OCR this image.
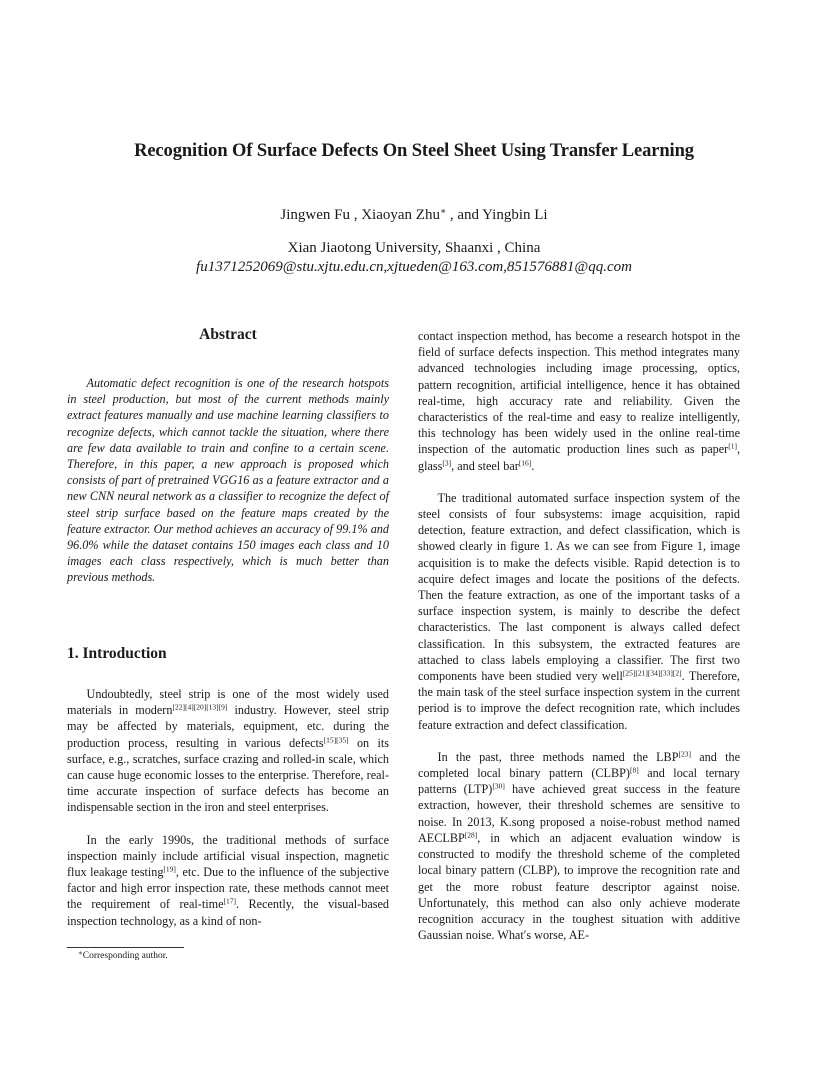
Recognition Of Surface Defects On Steel Sheet Using Transfer Learning
Jingwen Fu , Xiaoyan Zhu∗ , and Yingbin Li
Xian Jiaotong University, Shaanxi , China
fu1371252069@stu.xjtu.edu.cn,xjtueden@163.com,851576881@qq.com
Abstract

Automatic defect recognition is one of the research hotspots in steel production, but most of the current methods mainly extract features manually and use machine learning classifiers to recognize defects, which cannot tackle the situation, where there are few data available to train and confine to a certain scene. Therefore, in this paper, a new approach is proposed which consists of part of pretrained VGG16 as a feature extractor and a new CNN neural network as a classifier to recognize the defect of steel strip surface based on the feature maps created by the feature extractor. Our method achieves an accuracy of 99.1% and 96.0% while the dataset contains 150 images each class and 10 images each class respectively, which is much better than previous methods.

1. Introduction

Undoubtedly, steel strip is one of the most widely used materials in modern[22][4][20][13][9] industry. However, steel strip may be affected by materials, equipment, etc. during the production process, resulting in various defects[15][35] on its surface, e.g., scratches, surface crazing and rolled-in scale, which can cause huge economic losses to the enterprise. Therefore, real-time accurate inspection of surface defects has become an indispensable section in the iron and steel enterprises.

In the early 1990s, the traditional methods of surface inspection mainly include artificial visual inspection, magnetic flux leakage testing[19], etc. Due to the influence of the subjective factor and high error inspection rate, these methods cannot meet the requirement of real-time[17]. Recently, the visual-based inspection technology, as a kind of non-

contact inspection method, has become a research hotspot in the field of surface defects inspection. This method integrates many advanced technologies including image processing, optics, pattern recognition, artificial intelligence, hence it has obtained real-time, high accuracy rate and reliability. Given the characteristics of the real-time and easy to realize intelligently, this technology has been widely used in the online real-time inspection of the automatic production lines such as paper[1], glass[3], and steel bar[16].

The traditional automated surface inspection system of the steel consists of four subsystems: image acquisition, rapid detection, feature extraction, and defect classification, which is showed clearly in figure 1. As we can see from Figure 1, image acquisition is to make the defects visible. Rapid detection is to acquire defect images and locate the positions of the defects. Then the feature extraction, as one of the important tasks of a surface inspection system, is mainly to describe the defect characteristics. The last component is always called defect classification. In this subsystem, the extracted features are attached to class labels employing a classifier. The first two components have been studied very well[25][21][34][33][2]. Therefore, the main task of the steel surface inspection system in the current period is to improve the defect recognition rate, which includes feature extraction and defect classification.

In the past, three methods named the LBP[23] and the completed local binary pattern (CLBP)[8] and local ternary patterns (LTP)[30] have achieved great success in the feature extraction, however, their threshold schemes are sensitive to noise. In 2013, K.song proposed a noise-robust method named AECLBP[28], in which an adjacent evaluation window is constructed to modify the threshold scheme of the completed local binary pattern (CLBP), to improve the recognition rate and get the more robust feature descriptor against noise. Unfortunately, this method can also only achieve moderate recognition accuracy in the toughest situation with additive Gaussian noise. What′s worse, AE-

∗Corresponding author.
